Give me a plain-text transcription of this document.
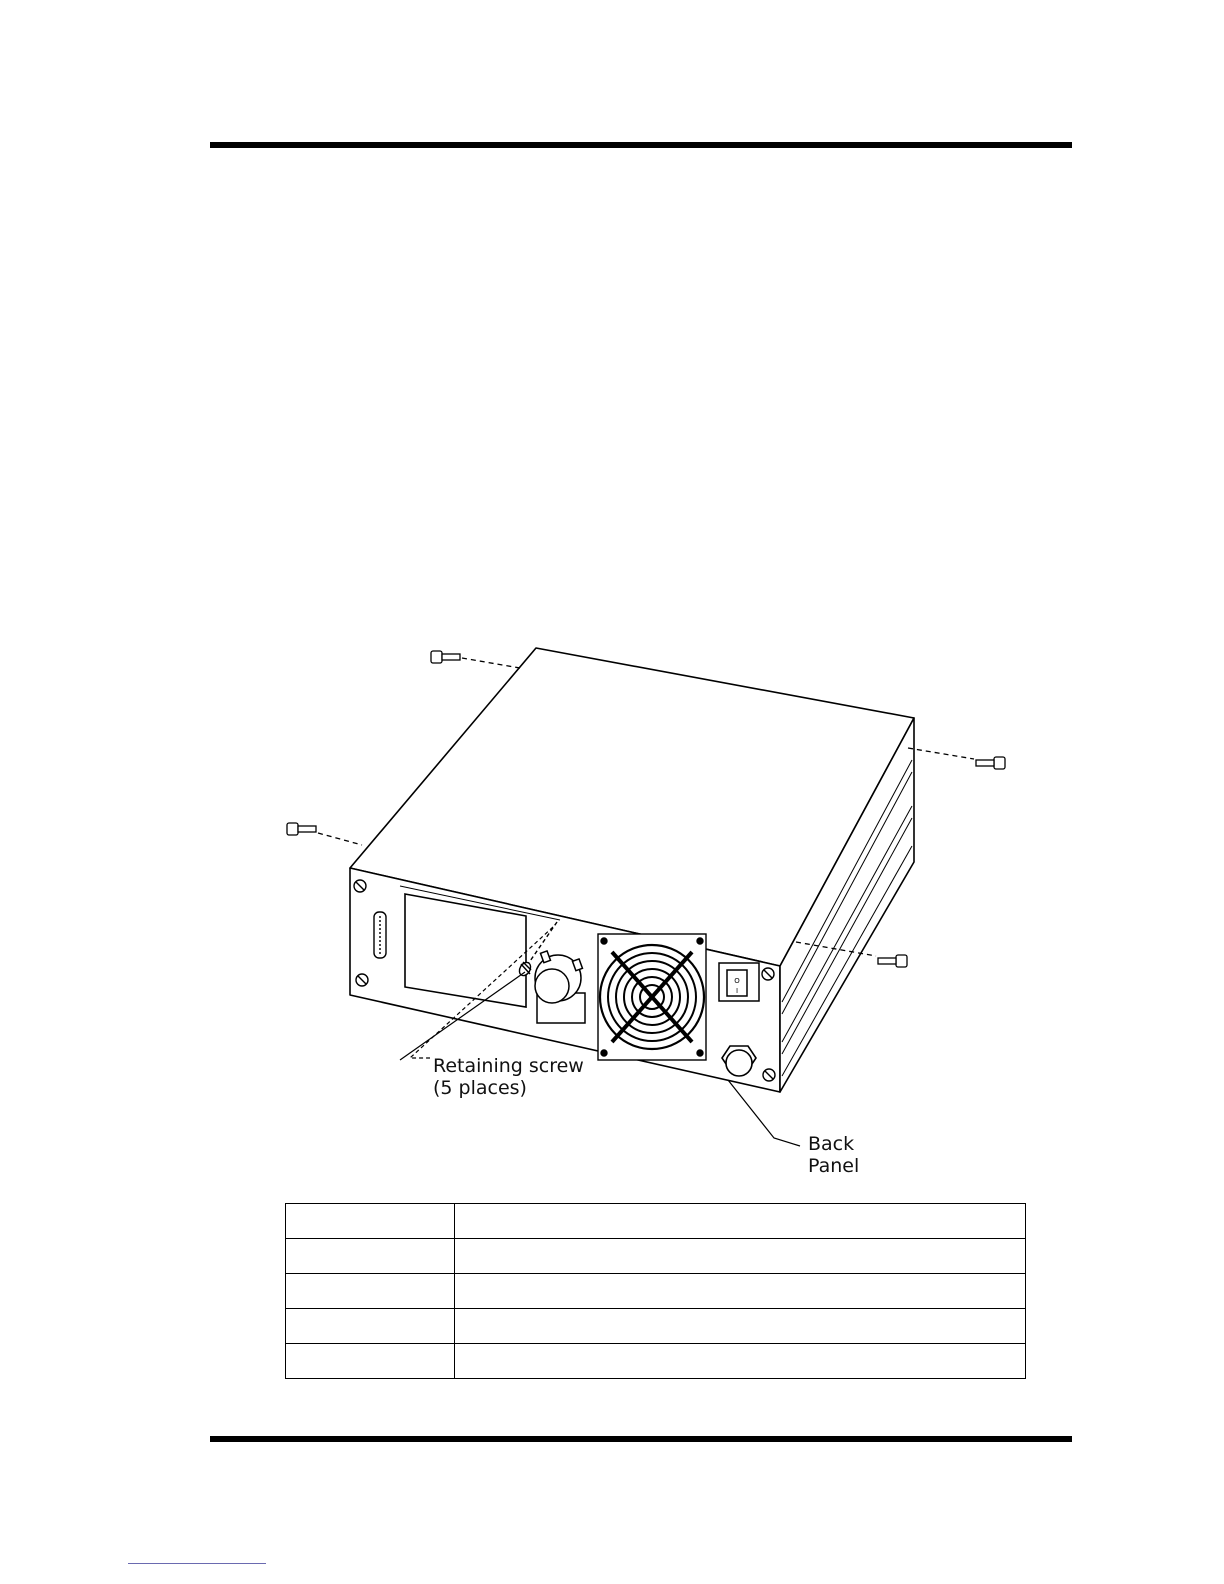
O
I
Retaining screw
(5 places)
Back
Panel
